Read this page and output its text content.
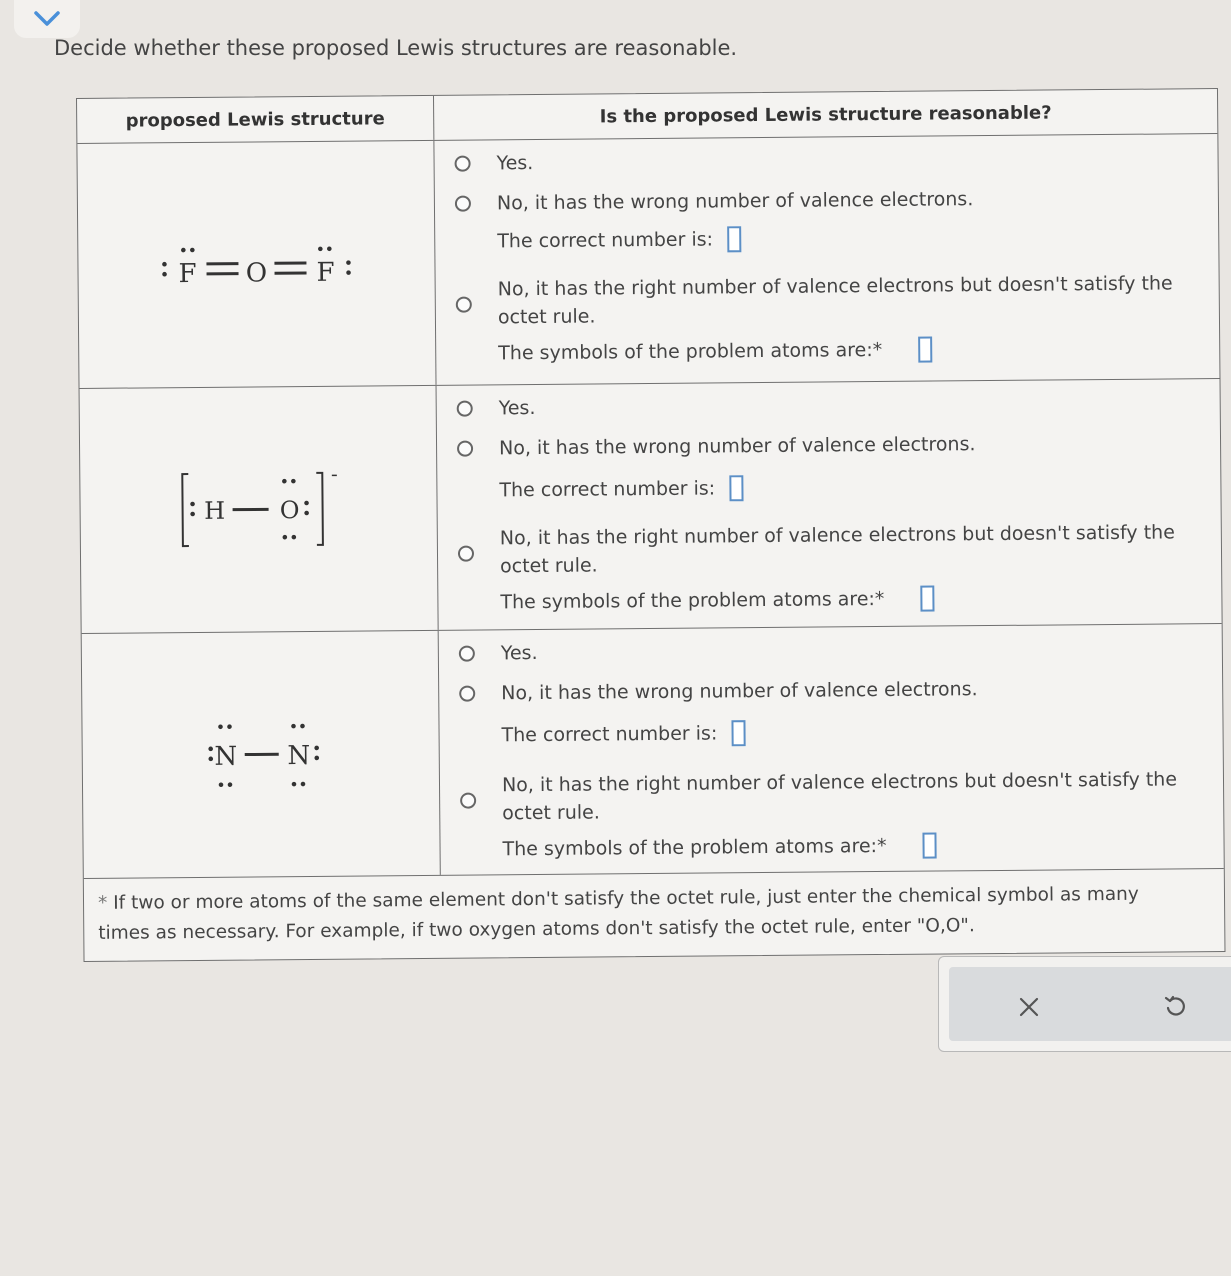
Decide whether these proposed Lewis structures are reasonable.
proposed Lewis structure	Is the proposed Lewis structure reasonable?
F O F
Yes.
No, it has the wrong number of valence electrons.
The correct number is:
No, it has the right number of valence electrons but doesn't satisfy the
octet rule.
The symbols of the problem atoms are:*
H O
-
Yes.
No, it has the wrong number of valence electrons.
The correct number is:
No, it has the right number of valence electrons but doesn't satisfy the
octet rule.
The symbols of the problem atoms are:*
N N
Yes.
No, it has the wrong number of valence electrons.
The correct number is:
No, it has the right number of valence electrons but doesn't satisfy the
octet rule.
The symbols of the problem atoms are:*
* If two or more atoms of the same element don't satisfy the octet rule, just enter the chemical symbol as many
times as necessary. For example, if two oxygen atoms don't satisfy the octet rule, enter "O,O".
